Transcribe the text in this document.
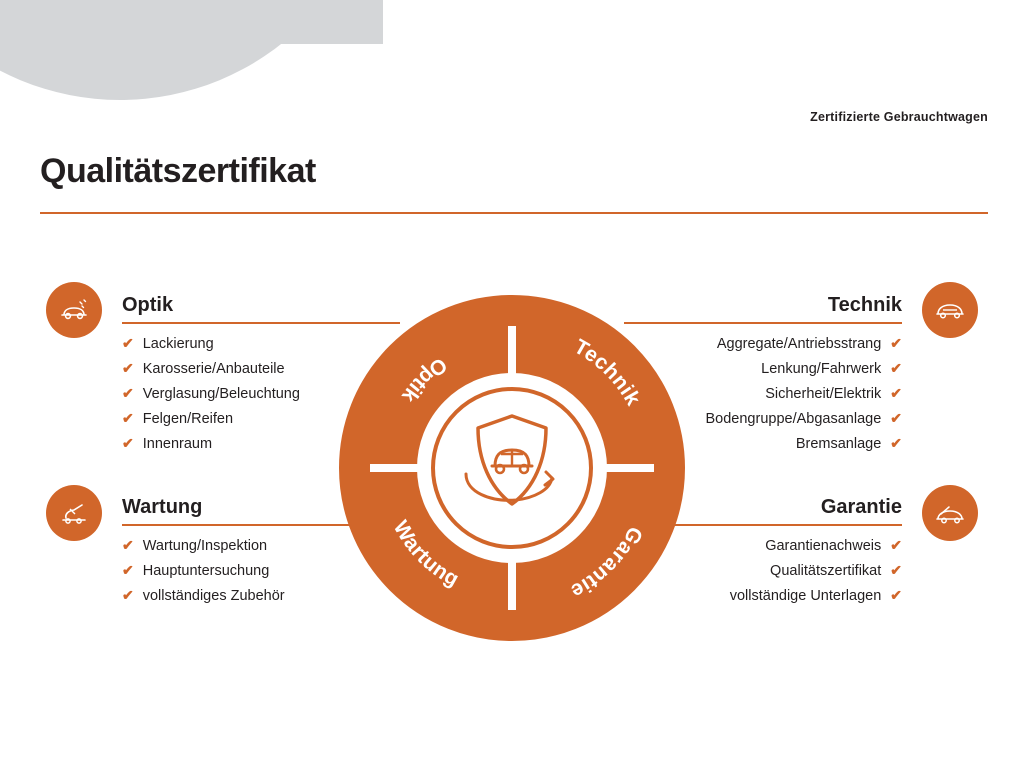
Zertifizierte Gebrauchtwagen
Qualitätszertifikat
Optik
✔ Lackierung
✔ Karosserie/Anbauteile
✔ Verglasung/Beleuchtung
✔ Felgen/Reifen
✔ Innenraum
Technik
Aggregate/Antriebsstrang ✔
Lenkung/Fahrwerk ✔
Sicherheit/Elektrik ✔
Bodengruppe/Abgasanlage ✔
Bremsanlage ✔
Wartung
✔ Wartung/Inspektion
✔ Hauptuntersuchung
✔ vollständiges Zubehör
Garantie
Garantienachweis ✔
Qualitätszertifikat ✔
vollständige Unterlagen ✔
Optik
Technik
Garantie
Wartung
